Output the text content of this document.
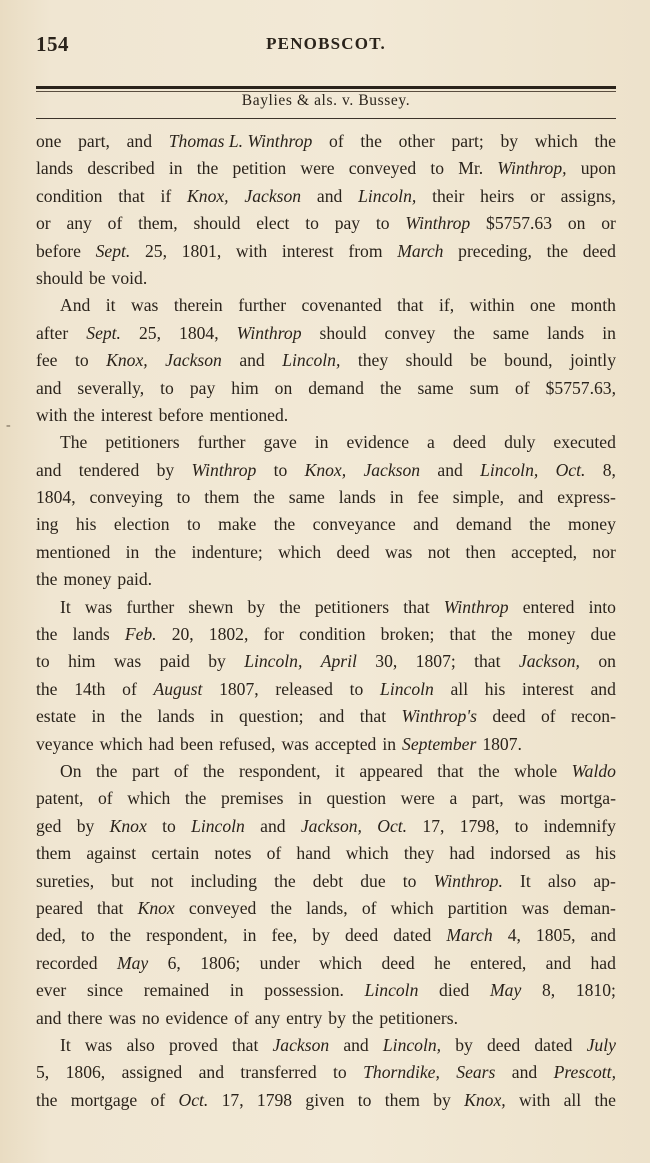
154	PENOBSCOT.
Baylies & als. v. Bussey.
-
one part, and Thomas L. Winthrop of the other part; by which the
lands described in the petition were conveyed to Mr. Winthrop, upon
condition that if Knox, Jackson and Lincoln, their heirs or assigns,
or any of them, should elect to pay to Winthrop $5757.63 on or
before Sept. 25, 1801, with interest from March preceding, the deed
should be void.
And it was therein further covenanted that if, within one month
after Sept. 25, 1804, Winthrop should convey the same lands in
fee to Knox, Jackson and Lincoln, they should be bound, jointly
and severally, to pay him on demand the same sum of $5757.63,
with the interest before mentioned.
The petitioners further gave in evidence a deed duly executed
and tendered by Winthrop to Knox, Jackson and Lincoln, Oct. 8,
1804, conveying to them the same lands in fee simple, and express-
ing his election to make the conveyance and demand the money
mentioned in the indenture; which deed was not then accepted, nor
the money paid.
It was further shewn by the petitioners that Winthrop entered into
the lands Feb. 20, 1802, for condition broken; that the money due
to him was paid by Lincoln, April 30, 1807; that Jackson, on
the 14th of August 1807, released to Lincoln all his interest and
estate in the lands in question; and that Winthrop's deed of recon-
veyance which had been refused, was accepted in September 1807.
On the part of the respondent, it appeared that the whole Waldo
patent, of which the premises in question were a part, was mortga-
ged by Knox to Lincoln and Jackson, Oct. 17, 1798, to indemnify
them against certain notes of hand which they had indorsed as his
sureties, but not including the debt due to Winthrop. It also ap-
peared that Knox conveyed the lands, of which partition was deman-
ded, to the respondent, in fee, by deed dated March 4, 1805, and
recorded May 6, 1806; under which deed he entered, and had
ever since remained in possession. Lincoln died May 8, 1810;
and there was no evidence of any entry by the petitioners.
It was also proved that Jackson and Lincoln, by deed dated July
5, 1806, assigned and transferred to Thorndike, Sears and Prescott,
the mortgage of Oct. 17, 1798 given to them by Knox, with all the
